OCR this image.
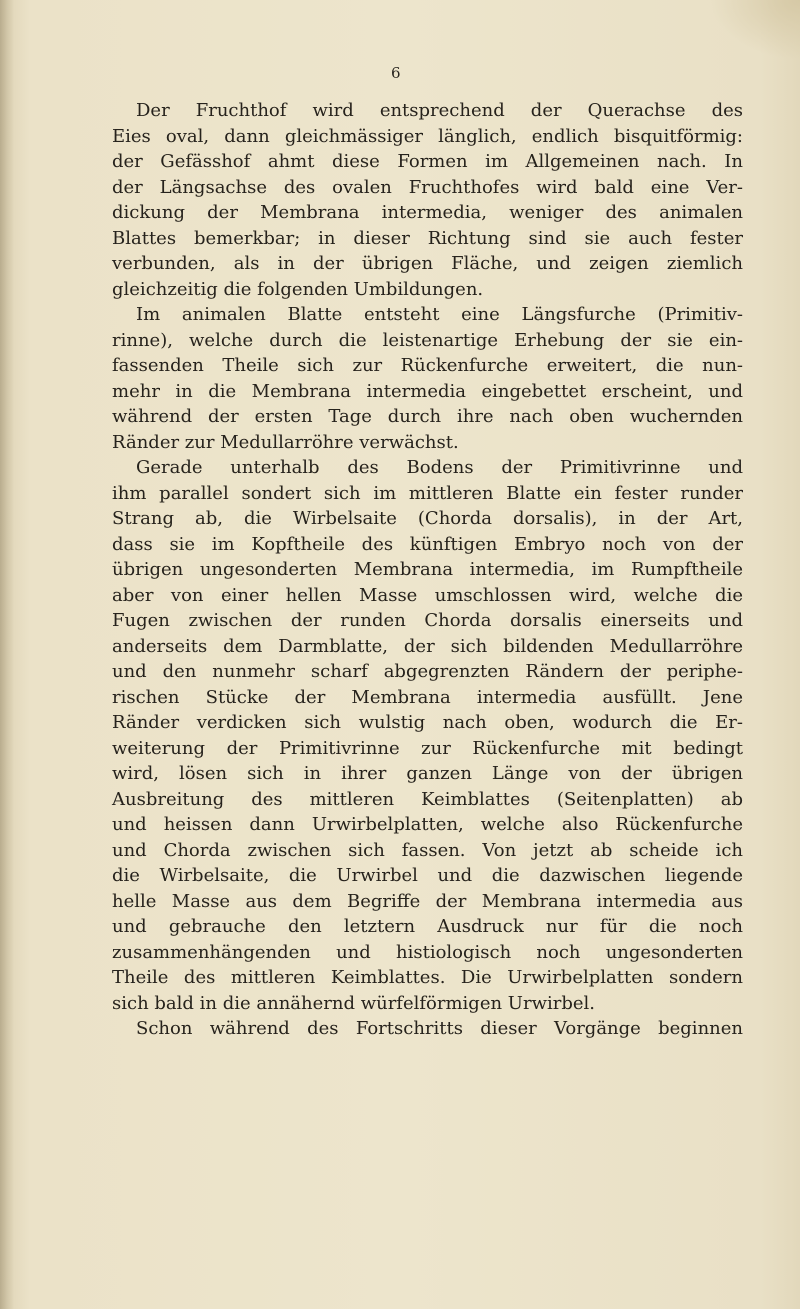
6
Der Fruchthof wird entsprechend der Querachse des
Eies oval, dann gleichmässiger länglich, endlich bisquitförmig:
der Gefässhof ahmt diese Formen im Allgemeinen nach. In
der Längsachse des ovalen Fruchthofes wird bald eine Ver-
dickung der Membrana intermedia, weniger des animalen
Blattes bemerkbar; in dieser Richtung sind sie auch fester
verbunden, als in der übrigen Fläche, und zeigen ziemlich
gleichzeitig die folgenden Umbildungen.
Im animalen Blatte entsteht eine Längsfurche (Primitiv-
rinne), welche durch die leistenartige Erhebung der sie ein-
fassenden Theile sich zur Rückenfurche erweitert, die nun-
mehr in die Membrana intermedia eingebettet erscheint, und
während der ersten Tage durch ihre nach oben wuchernden
Ränder zur Medullarröhre verwächst.
Gerade unterhalb des Bodens der Primitivrinne und
ihm parallel sondert sich im mittleren Blatte ein fester runder
Strang ab, die Wirbelsaite (Chorda dorsalis), in der Art,
dass sie im Kopftheile des künftigen Embryo noch von der
übrigen ungesonderten Membrana intermedia, im Rumpftheile
aber von einer hellen Masse umschlossen wird, welche die
Fugen zwischen der runden Chorda dorsalis einerseits und
anderseits dem Darmblatte, der sich bildenden Medullarröhre
und den nunmehr scharf abgegrenzten Rändern der periphe-
rischen Stücke der Membrana intermedia ausfüllt. Jene
Ränder verdicken sich wulstig nach oben, wodurch die Er-
weiterung der Primitivrinne zur Rückenfurche mit bedingt
wird, lösen sich in ihrer ganzen Länge von der übrigen
Ausbreitung des mittleren Keimblattes (Seitenplatten) ab
und heissen dann Urwirbelplatten, welche also Rückenfurche
und Chorda zwischen sich fassen. Von jetzt ab scheide ich
die Wirbelsaite, die Urwirbel und die dazwischen liegende
helle Masse aus dem Begriffe der Membrana intermedia aus
und gebrauche den letztern Ausdruck nur für die noch
zusammenhängenden und histiologisch noch ungesonderten
Theile des mittleren Keimblattes. Die Urwirbelplatten sondern
sich bald in die annähernd würfelförmigen Urwirbel.
Schon während des Fortschritts dieser Vorgänge beginnen
